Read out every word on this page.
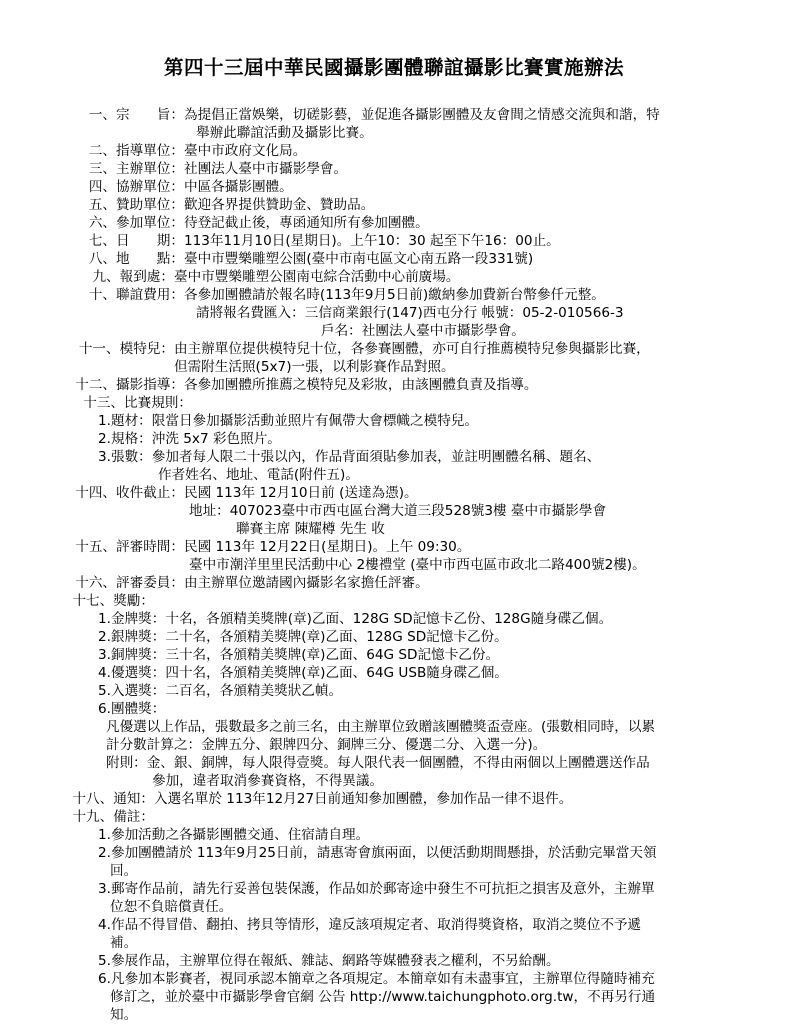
第四十三屆中華民國攝影團體聯誼攝影比賽實施辦法
一、宗　　旨： 為提倡正當娛樂，切磋影藝，並促進各攝影團體及友會間之情感交流與和諧，特
舉辦此聯誼活動及攝影比賽。
二、指導單位： 臺中市政府文化局。
三、主辦單位： 社團法人臺中市攝影學會。
四、協辦單位： 中區各攝影團體。
五、贊助單位： 歡迎各界提供贊助金、贊助品。
六、參加單位： 待登記截止後，專函通知所有參加團體。
七、日　　期： 113年11月10日(星期日)。上午10：30 起至下午16：00止。
八、地　　點： 臺中市豐樂雕塑公園(臺中市南屯區文心南五路一段331號)
九、報到處： 臺中市豐樂雕塑公園南屯綜合活動中心前廣場。
十、聯誼費用： 各參加團體請於報名時(113年9月5日前)繳納參加費新台幣參仟元整。
請將報名費匯入：三信商業銀行(147)西屯分行 帳號：05-2-010566-3
戶名：社團法人臺中市攝影學會。
十一、模特兒： 由主辦單位提供模特兒十位，各參賽團體，亦可自行推薦模特兒參與攝影比賽，
但需附生活照(5x7)一張，以利影賽作品對照。
十二、攝影指導： 各參加團體所推薦之模特兒及彩妝，由該團體負責及指導。
十三、比賽規則：
1.題材：限當日參加攝影活動並照片有佩帶大會標幟之模特兒。
2.規格：沖洗 5x7 彩色照片。
3.張數：參加者每人限二十張以內，作品背面須貼參加表，並註明團體名稱、題名、
作者姓名、地址、電話(附件五)。
十四、收件截止： 民國 113年 12月10日前 (送達為憑)。
地址：407023臺中市西屯區台灣大道三段528號3樓 臺中市攝影學會
聯賽主席 陳耀樽 先生 收
十五、評審時間： 民國 113年 12月22日(星期日)。上午 09:30。
臺中市潮洋里里民活動中心 2樓禮堂 (臺中市西屯區市政北二路400號2樓)。
十六、評審委員： 由主辦單位邀請國內攝影名家擔任評審。
十七、獎勵：
1.金牌獎：十名，各頒精美獎牌(章)乙面、128G SD記憶卡乙份、128G隨身碟乙個。
2.銀牌獎：二十名，各頒精美獎牌(章)乙面、128G SD記憶卡乙份。
3.銅牌獎：三十名，各頒精美獎牌(章)乙面、64G SD記憶卡乙份。
4.優選獎：四十名，各頒精美獎牌(章)乙面、64G USB隨身碟乙個。
5.入選獎：二百名，各頒精美獎狀乙幀。
6.團體獎：
凡優選以上作品，張數最多之前三名，由主辦單位致贈該團體獎盃壹座。(張數相同時，以累
計分數計算之：金牌五分、銀牌四分、銅牌三分、優選二分、入選一分)。
附則：金、銀、銅牌，每人限得壹獎。每人限代表一個團體，不得由兩個以上團體選送作品
參加，違者取消參賽資格，不得異議。
十八、通知： 入選名單於 113年12月27日前通知參加團體，參加作品一律不退件。
十九、備註：
1.參加活動之各攝影團體交通、住宿請自理。
2.參加團體請於 113年9月25日前，請惠寄會旗兩面，以便活動期間懸掛，於活動完畢當天領
回。
3.郵寄作品前，請先行妥善包裝保護，作品如於郵寄途中發生不可抗拒之損害及意外，主辦單
位恕不負賠償責任。
4.作品不得冒借、翻拍、拷貝等情形，違反該項規定者、取消得獎資格，取消之獎位不予遞
補。
5.參展作品，主辦單位得在報紙、雜誌、網路等媒體發表之權利，不另給酬。
6.凡參加本影賽者，視同承認本簡章之各項規定。本簡章如有未盡事宜，主辦單位得隨時補充
修訂之，並於臺中市攝影學會官網 公告 http://www.taichungphoto.org.tw，不再另行通
知。
